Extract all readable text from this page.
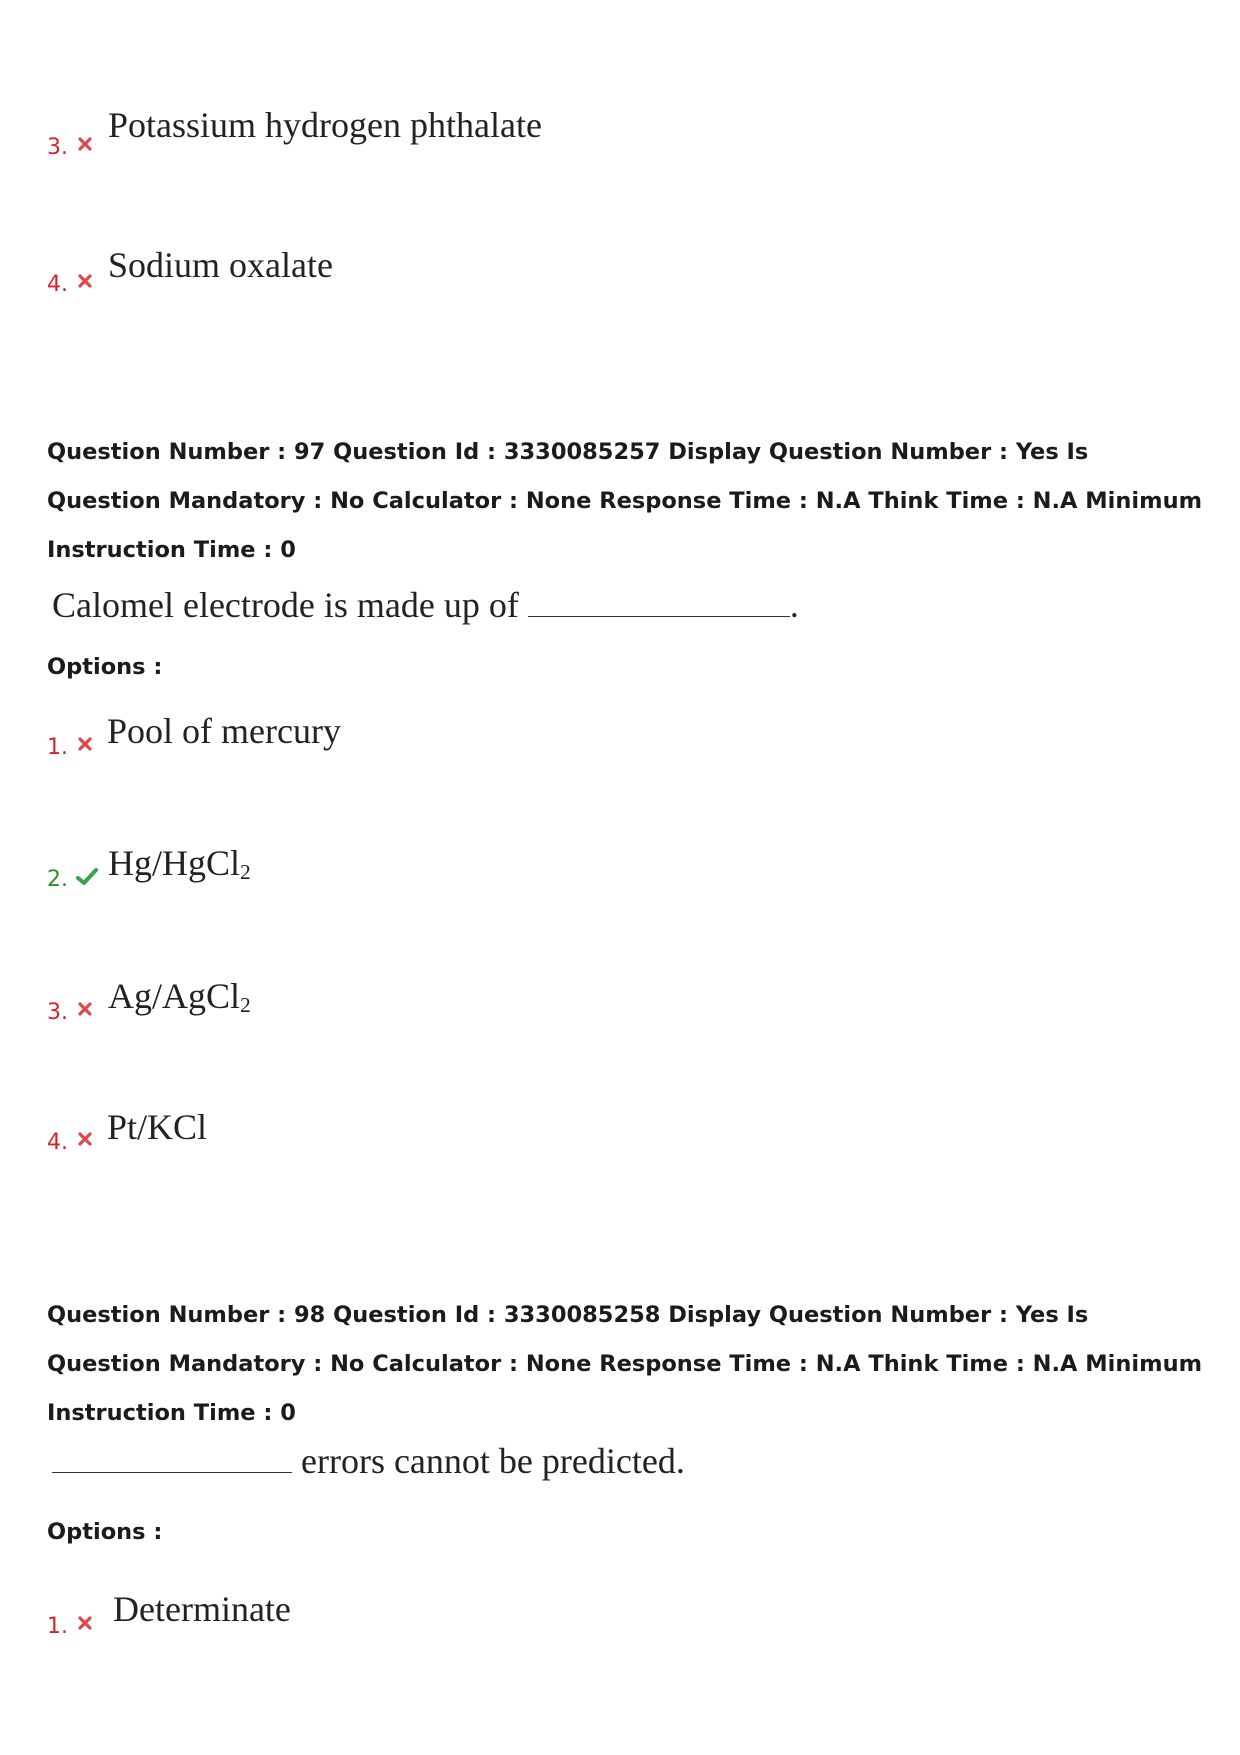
3.
Potassium hydrogen phthalate
4. Sodium oxalate
Question Number : 97 Question Id : 3330085257 Display Question Number : Yes Is Question Mandatory : No Calculator : None Response Time : N.A Think Time : N.A Minimum Instruction Time : 0
Calomel electrode is made up of	.
Options :
1. Pool of mercury
2. Hg/HgCl$_2$
3. Ag/AgCl$_2$
4. Pt/KCl
Question Number : 98 Question Id : 3330085258 Display Question Number : Yes Is Question Mandatory : No Calculator : None Response Time : N.A Think Time : N.A Minimum Instruction Time : 0
errors cannot be predicted.
Options :
1. Determinate
